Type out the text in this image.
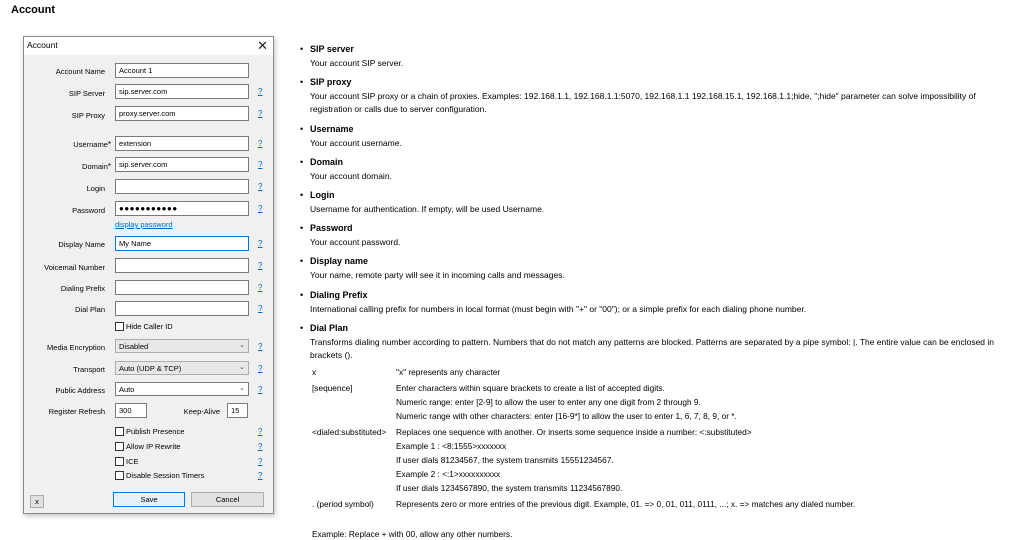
Account
Account	✕
Account Name	Account 1
SIP Server	sip.server.com	?
SIP Proxy	proxy.server.com	?
Username*	extension	?
Domain*	sip.server.com	?
Login	?
Password	●●●●●●●●●●●	?
display password
Display Name	My Name	?
Voicemail Number	?
Dialing Prefix	?
Dial Plan	?
Hide Caller ID
Media Encryption	Disabled	⌄ ?
Transport	Auto (UDP & TCP)	⌄ ?
Public Address	Auto	⌄ ?
Register Refresh	300	Keep-Alive	15
Publish Presence	?
Allow IP Rewrite	?
ICE	?
Disable Session Timers	?
x	Save	Cancel
• SIP server
Your account SIP server.
• SIP proxy
Your account SIP proxy or a chain of proxies. Examples: 192.168.1.1, 192.168.1.1:5070, 192.168.1.1 192.168.15.1, 192.168.1.1;hide, ";hide" parameter can solve impossibility of registration or calls due to server configuration.
• Username
Your account username.
• Domain
Your account domain.
• Login
Username for authentication. If empty, will be used Username.
• Password
Your account password.
• Display name
Your name, remote party will see it in incoming calls and messages.
• Dialing Prefix
International calling prefix for numbers in local format (must begin with "+" or "00"); or a simple prefix for each dialing phone number.
• Dial Plan
Transforms dialing number according to pattern. Numbers that do not match any patterns are blocked. Patterns are separated by a pipe symbol: |. The entire value can be enclosed in brackets ().
x	"x" represents any character
[sequence]	Enter characters within square brackets to create a list of accepted digits.
Numeric range: enter [2-9] to allow the user to enter any one digit from 2 through 9.
Numeric range with other characters: enter [16-9*] to allow the user to enter 1, 6, 7, 8, 9, or *.
<dialed:substituted> Replaces one sequence with another. Or inserts some sequence inside a number: <:substituted>
Example 1 : <8:1555>xxxxxxx
If user dials 81234567, the system transmits 15551234567.
Example 2 : <:1>xxxxxxxxxx
If user dials 1234567890, the system transmits 11234567890.
. (period symbol)	Represents zero or more entries of the previous digit. Example, 01. => 0, 01, 011, 0111, ...; x. => matches any dialed number.
Example: Replace + with 00, allow any other numbers.
